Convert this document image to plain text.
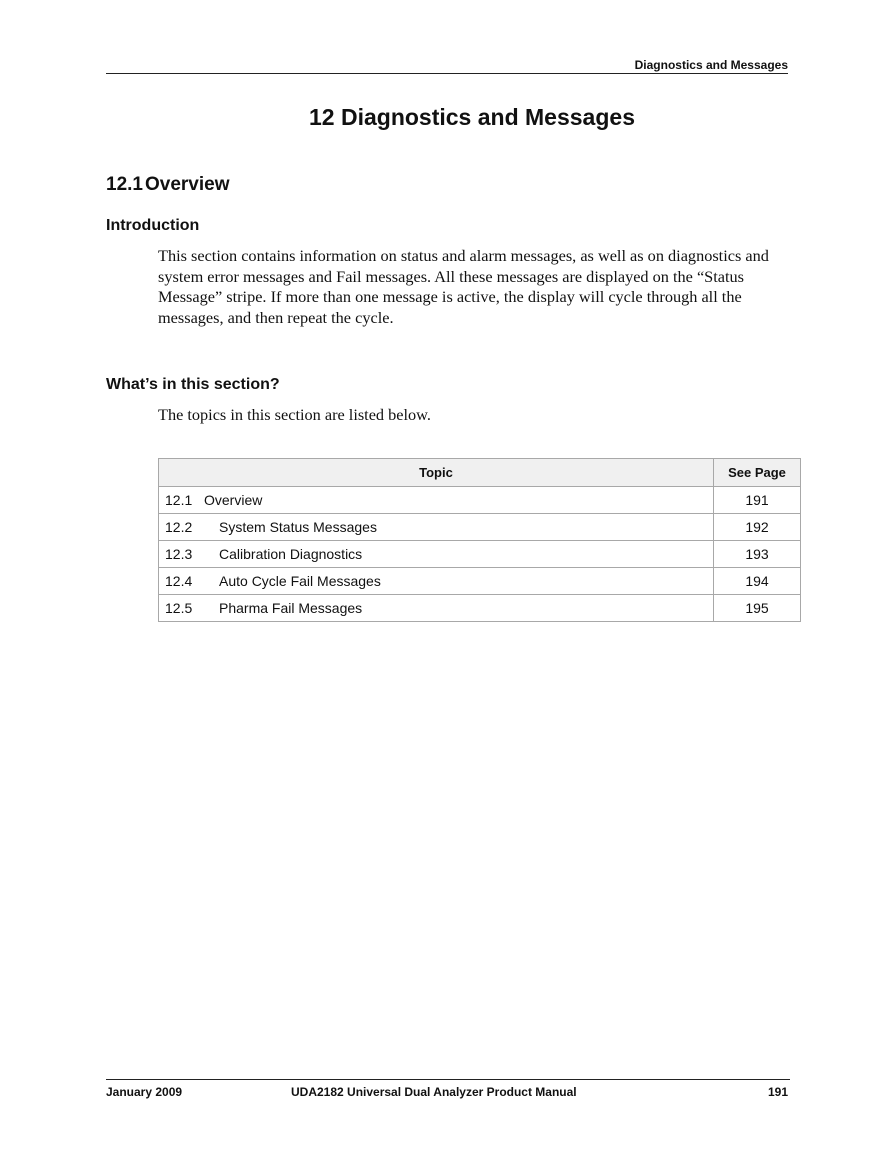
Diagnostics and Messages
12 Diagnostics and Messages
12.1 Overview
Introduction

This section contains information on status and alarm messages, as well as on diagnostics and system error messages and Fail messages. All these messages are displayed on the “Status Message” stripe. If more than one message is active, the display will cycle through all the messages, and then repeat the cycle.

What’s in this section?

The topics in this section are listed below.

Topic	See Page
12.1 Overview	191
12.2 System Status Messages	192
12.3 Calibration Diagnostics	193
12.4 Auto Cycle Fail Messages	194
12.5 Pharma Fail Messages	195
January 2009	UDA2182 Universal Dual Analyzer Product Manual	191
